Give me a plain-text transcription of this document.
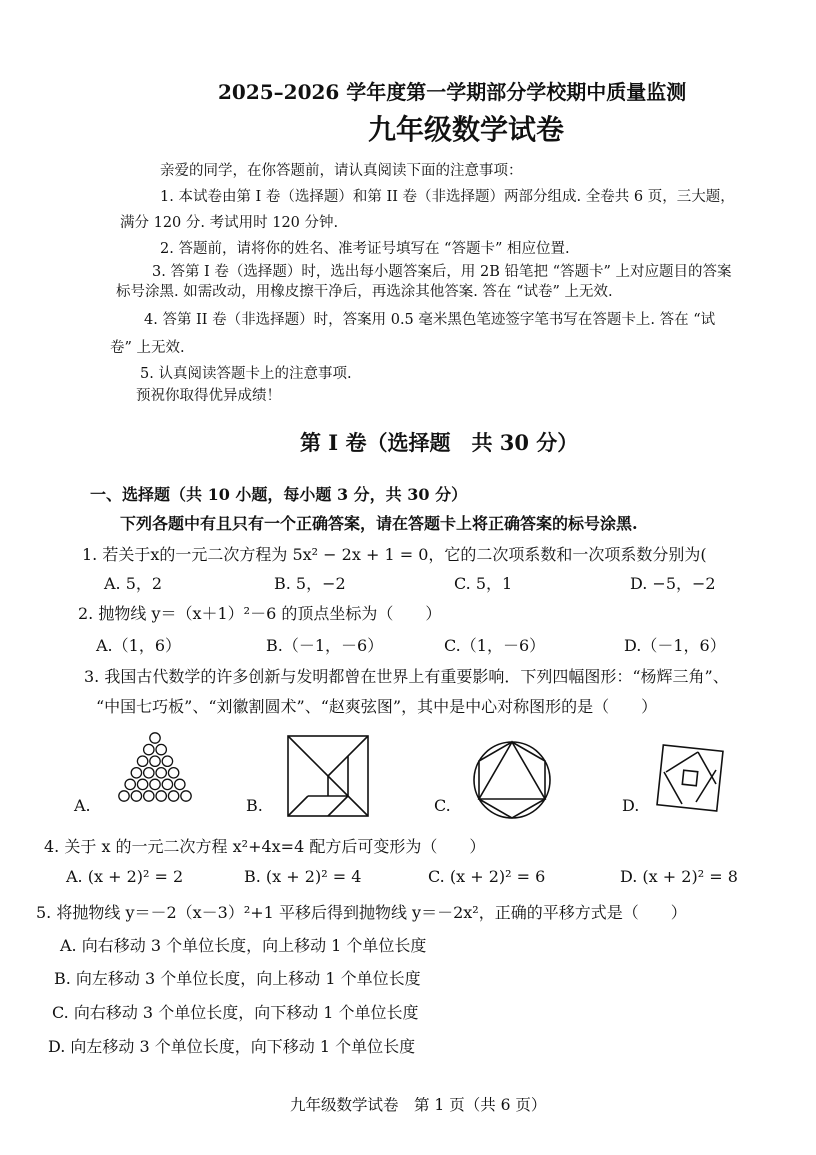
2025–2026 学年度第一学期部分学校期中质量监测
九年级数学试卷
亲爱的同学，在你答题前，请认真阅读下面的注意事项：
1. 本试卷由第 I 卷（选择题）和第 II 卷（非选择题）两部分组成. 全卷共 6 页，三大题，
满分 120 分. 考试用时 120 分钟.
2. 答题前，请将你的姓名、准考证号填写在 “答题卡” 相应位置.
3. 答第 I 卷（选择题）时，选出每小题答案后，用 2B 铅笔把 “答题卡” 上对应题目的答案
标号涂黑. 如需改动，用橡皮擦干净后，再选涂其他答案. 答在 “试卷” 上无效.
4. 答第 II 卷（非选择题）时，答案用 0.5 毫米黑色笔迹签字笔书写在答题卡上. 答在 “试
卷” 上无效.
5. 认真阅读答题卡上的注意事项.
预祝你取得优异成绩！
第 I 卷（选择题　共 30 分）
一、选择题（共 10 小题，每小题 3 分，共 30 分）
下列各题中有且只有一个正确答案，请在答题卡上将正确答案的标号涂黑.
1. 若关于x的一元二次方程为 5x² − 2x + 1 = 0，它的二次项系数和一次项系数分别为(
A. 5，2	B. 5，−2	C. 5，1	D. −5，−2
2. 抛物线 y＝（x＋1）²－6 的顶点坐标为（　　）
A.（1，6）	B.（－1，－6）	C.（1，－6）	D.（－1，6）
3. 我国古代数学的许多创新与发明都曾在世界上有重要影响．下列四幅图形：“杨辉三角”、
“中国七巧板”、“刘徽割圆术”、“赵爽弦图”，其中是中心对称图形的是（　　）
A.	B.	C.	D.
4. 关于 x 的一元二次方程 x²+4x=4 配方后可变形为（　　）
A. (x + 2)² = 2	B. (x + 2)² = 4	C. (x + 2)² = 6	D. (x + 2)² = 8
5. 将抛物线 y＝－2（x－3）²+1 平移后得到抛物线 y＝－2x²，正确的平移方式是（　　）
A. 向右移动 3 个单位长度，向上移动 1 个单位长度
B. 向左移动 3 个单位长度，向上移动 1 个单位长度
C. 向右移动 3 个单位长度，向下移动 1 个单位长度
D. 向左移动 3 个单位长度，向下移动 1 个单位长度
九年级数学试卷　第 1 页（共 6 页）
